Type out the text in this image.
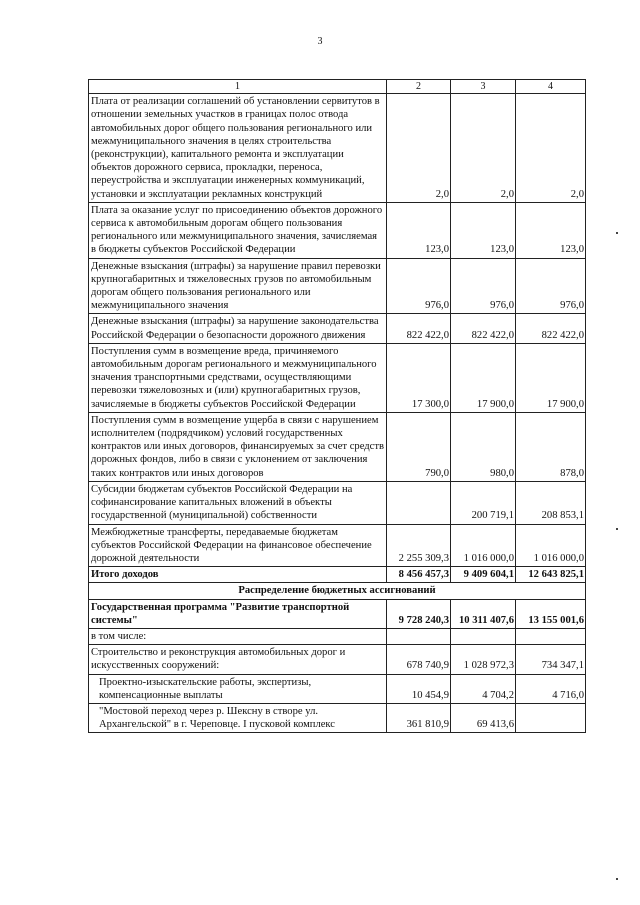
3
1	2	3	4
Плата от реализации соглашений об установлении сервитутов в отношении земельных участков в границах полос отвода автомобильных дорог общего пользования регионального или межмуниципального значения в целях строительства (реконструкции), капитального ремонта и эксплуатации объектов дорожного сервиса, прокладки, переноса, переустройства и эксплуатации инженерных коммуникаций, установки и эксплуатации рекламных конструкций	2,0	2,0	2,0
Плата за оказание услуг по присоединению объектов дорожного сервиса к автомобильным дорогам общего пользования регионального или межмуниципального значения, зачисляемая в бюджеты субъектов Российской Федерации	123,0	123,0	123,0
Денежные взыскания (штрафы) за нарушение правил перевозки крупногабаритных и тяжеловесных грузов по автомобильным дорогам общего пользования регионального или межмуниципального значения	976,0	976,0	976,0
Денежные взыскания (штрафы) за нарушение законодательства Российской Федерации о безопасности дорожного движения	822 422,0	822 422,0	822 422,0
Поступления сумм в возмещение вреда, причиняемого автомобильным дорогам регионального и межмуниципального значения транспортными средствами, осуществляющими перевозки тяжеловозных и (или) крупногабаритных грузов, зачисляемые в бюджеты субъектов Российской Федерации	17 300,0	17 900,0	17 900,0
Поступления сумм в возмещение ущерба в связи с нарушением исполнителем (подрядчиком) условий государственных контрактов или иных договоров, финансируемых за счет средств дорожных фондов, либо в связи с уклонением от заключения таких контрактов или иных договоров	790,0	980,0	878,0
Субсидии бюджетам субъектов Российской Федерации на софинансирование капитальных вложений в объекты государственной (муниципальной) собственности		200 719,1	208 853,1
Межбюджетные трансферты, передаваемые бюджетам субъектов Российской Федерации на финансовое обеспечение дорожной деятельности	2 255 309,3	1 016 000,0	1 016 000,0
Итого доходов	8 456 457,3	9 409 604,1	12 643 825,1
Распределение бюджетных ассигнований			
Государственная программа "Развитие транспортной системы"	9 728 240,3	10 311 407,6	13 155 001,6
в том числе:			
Строительство и реконструкция автомобильных дорог и искусственных сооружений:	678 740,9	1 028 972,3	734 347,1
Проектно-изыскательские работы, экспертизы, компенсационные выплаты	10 454,9	4 704,2	4 716,0
"Мостовой переход через р. Шексну в створе ул. Архангельской" в г. Череповце. I пусковой комплекс	361 810,9	69 413,6	
